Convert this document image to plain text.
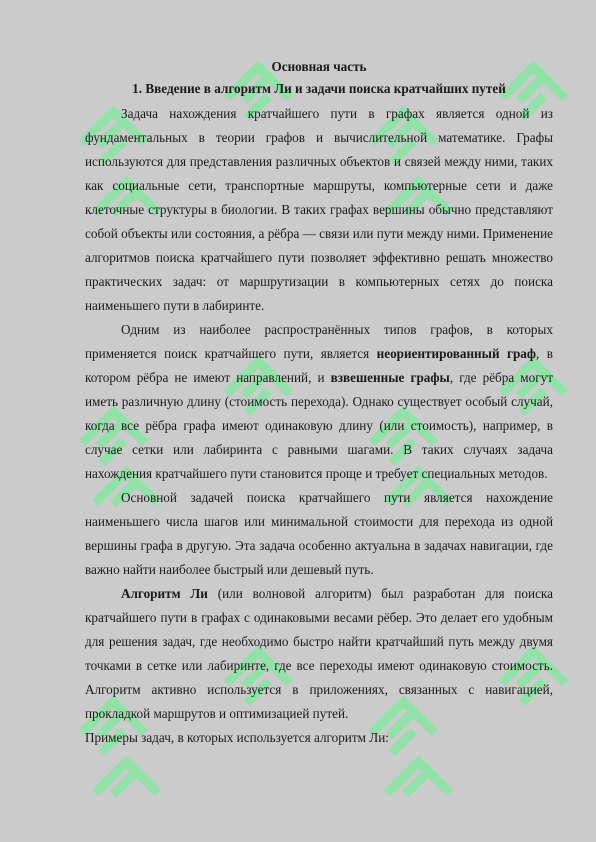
Основная часть
1. Введение в алгоритм Ли и задачи поиска кратчайших путей

Задача нахождения кратчайшего пути в графах является одной из фундаментальных в теории графов и вычислительной математике. Графы используются для представления различных объектов и связей между ними, таких как социальные сети, транспортные маршруты, компьютерные сети и даже клеточные структуры в биологии. В таких графах вершины обычно представляют собой объекты или состояния, а рёбра — связи или пути между ними. Применение алгоритмов поиска кратчайшего пути позволяет эффективно решать множество практических задач: от маршрутизации в компьютерных сетях до поиска наименьшего пути в лабиринте.

Одним из наиболее распространённых типов графов, в которых применяется поиск кратчайшего пути, является неориентированный граф, в котором рёбра не имеют направлений, и взвешенные графы, где рёбра могут иметь различную длину (стоимость перехода). Однако существует особый случай, когда все рёбра графа имеют одинаковую длину (или стоимость), например, в случае сетки или лабиринта с равными шагами. В таких случаях задача нахождения кратчайшего пути становится проще и требует специальных методов.

Основной задачей поиска кратчайшего пути является нахождение наименьшего числа шагов или минимальной стоимости для перехода из одной вершины графа в другую. Эта задача особенно актуальна в задачах навигации, где важно найти наиболее быстрый или дешевый путь.

Алгоритм Ли (или волновой алгоритм) был разработан для поиска кратчайшего пути в графах с одинаковыми весами рёбер. Это делает его удобным для решения задач, где необходимо быстро найти кратчайший путь между двумя точками в сетке или лабиринте, где все переходы имеют одинаковую стоимость. Алгоритм активно используется в приложениях, связанных с навигацией, прокладкой маршрутов и оптимизацией путей.

Примеры задач, в которых используется алгоритм Ли:
